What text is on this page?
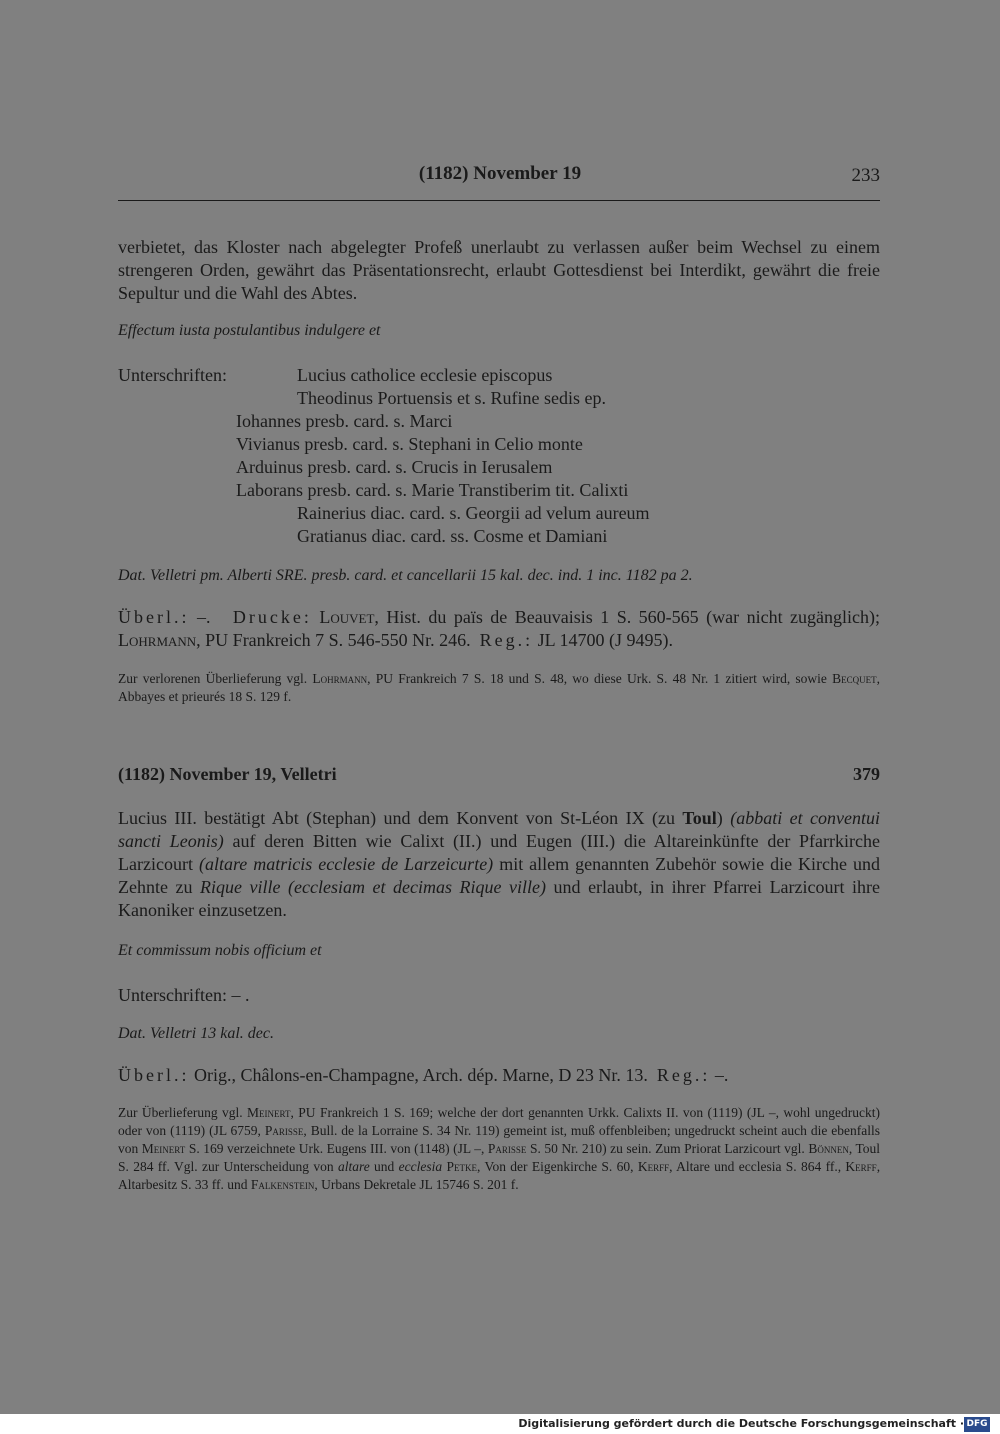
(1182) November 19	233

verbietet, das Kloster nach abgelegter Profeß unerlaubt zu verlassen außer beim Wechsel zu einem strengeren Orden, gewährt das Präsentationsrecht, erlaubt Gottesdienst bei Interdikt, gewährt die freie Sepultur und die Wahl des Abtes.

Effectum iusta postulantibus indulgere et
Unterschriften:	Lucius catholice ecclesie episcopus
Theodinus Portuensis et s. Rufine sedis ep.
Iohannes presb. card. s. Marci
Vivianus presb. card. s. Stephani in Celio monte
Arduinus presb. card. s. Crucis in Ierusalem
Laborans presb. card. s. Marie Transtiberim tit. Calixti
Rainerius diac. card. s. Georgii ad velum aureum
Gratianus diac. card. ss. Cosme et Damiani
Dat. Velletri pm. Alberti SRE. presb. card. et cancellarii 15 kal. dec. ind. 1 inc. 1182 pa 2.

Überl.: –. Drucke: Louvet, Hist. du païs de Beauvaisis 1 S. 560-565 (war nicht zugänglich); Lohrmann, PU Frankreich 7 S. 546-550 Nr. 246. Reg.: JL 14700 (J 9495).

Zur verlorenen Überlieferung vgl. Lohrmann, PU Frankreich 7 S. 18 und S. 48, wo diese Urk. S. 48 Nr. 1 zitiert wird, sowie Becquet, Abbayes et prieurés 18 S. 129 f.

(1182) November 19, Velletri	379

Lucius III. bestätigt Abt (Stephan) und dem Konvent von St-Léon IX (zu Toul) (abbati et conventui sancti Leonis) auf deren Bitten wie Calixt (II.) und Eugen (III.) die Altareinkünfte der Pfarrkirche Larzicourt (altare matricis ecclesie de Larzeicurte) mit allem genannten Zubehör sowie die Kirche und Zehnte zu Rique ville (ecclesiam et decimas Rique ville) und erlaubt, in ihrer Pfarrei Larzicourt ihre Kanoniker einzusetzen.

Et commissum nobis officium et
Unterschriften: – .
Dat. Velletri 13 kal. dec.

Überl.: Orig., Châlons-en-Champagne, Arch. dép. Marne, D 23 Nr. 13. Reg.: –.

Zur Überlieferung vgl. Meinert, PU Frankreich 1 S. 169; welche der dort genannten Urkk. Calixts II. von (1119) (JL –, wohl ungedruckt) oder von (1119) (JL 6759, Parisse, Bull. de la Lorraine S. 34 Nr. 119) gemeint ist, muß offenbleiben; ungedruckt scheint auch die ebenfalls von Meinert S. 169 verzeichnete Urk. Eugens III. von (1148) (JL –, Parisse S. 50 Nr. 210) zu sein. Zum Priorat Larzicourt vgl. Bönnen, Toul S. 284 ff. Vgl. zur Unterscheidung von altare und ecclesia Petke, Von der Eigenkirche S. 60, Kerff, Altare und ecclesia S. 864 ff., Kerff, Altarbesitz S. 33 ff. und Falkenstein, Urbans Dekretale JL 15746 S. 201 f.

Digitalisierung gefördert durch die Deutsche Forschungsgemeinschaft · DFG
